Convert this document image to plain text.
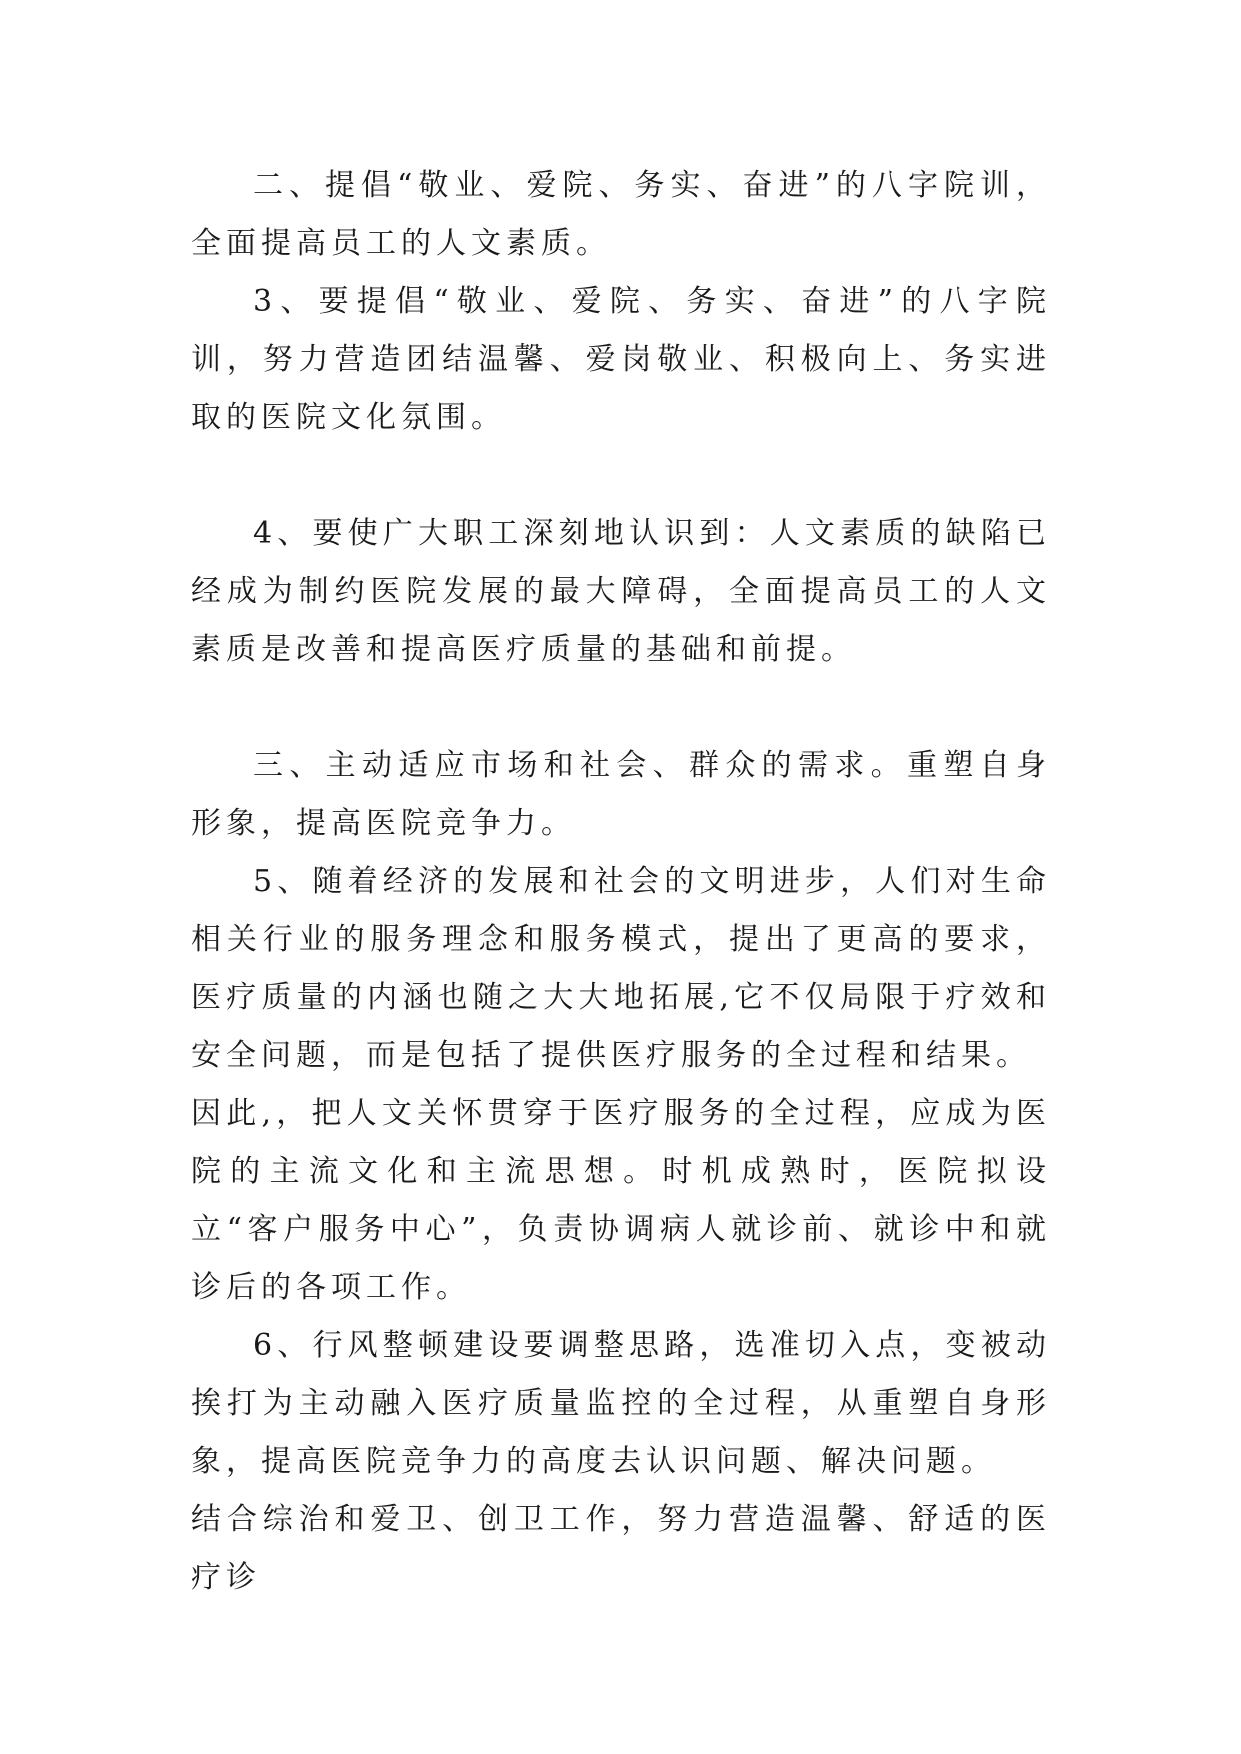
二、提倡“敬业、爱院、务实、奋进”的八字院训，全面提高员工的人文素质。

3、要提倡“敬业、爱院、务实、奋进”的八字院训，努力营造团结温馨、爱岗敬业、积极向上、务实进取的医院文化氛围。

4、要使广大职工深刻地认识到：人文素质的缺陷已经成为制约医院发展的最大障碍，全面提高员工的人文素质是改善和提高医疗质量的基础和前提。

三、主动适应市场和社会、群众的需求。重塑自身形象，提高医院竞争力。

5、随着经济的发展和社会的文明进步，人们对生命相关行业的服务理念和服务模式，提出了更高的要求，医疗质量的内涵也随之大大地拓展,它不仅局限于疗效和安全问题，而是包括了提供医疗服务的全过程和结果。

因此,，把人文关怀贯穿于医疗服务的全过程，应成为医院的主流文化和主流思想。时机成熟时，医院拟设立“客户服务中心”，负责协调病人就诊前、就诊中和就诊后的各项工作。

6、行风整顿建设要调整思路，选准切入点，变被动挨打为主动融入医疗质量监控的全过程，从重塑自身形象，提高医院竞争力的高度去认识问题、解决问题。

结合综治和爱卫、创卫工作，努力营造温馨、舒适的医疗诊
